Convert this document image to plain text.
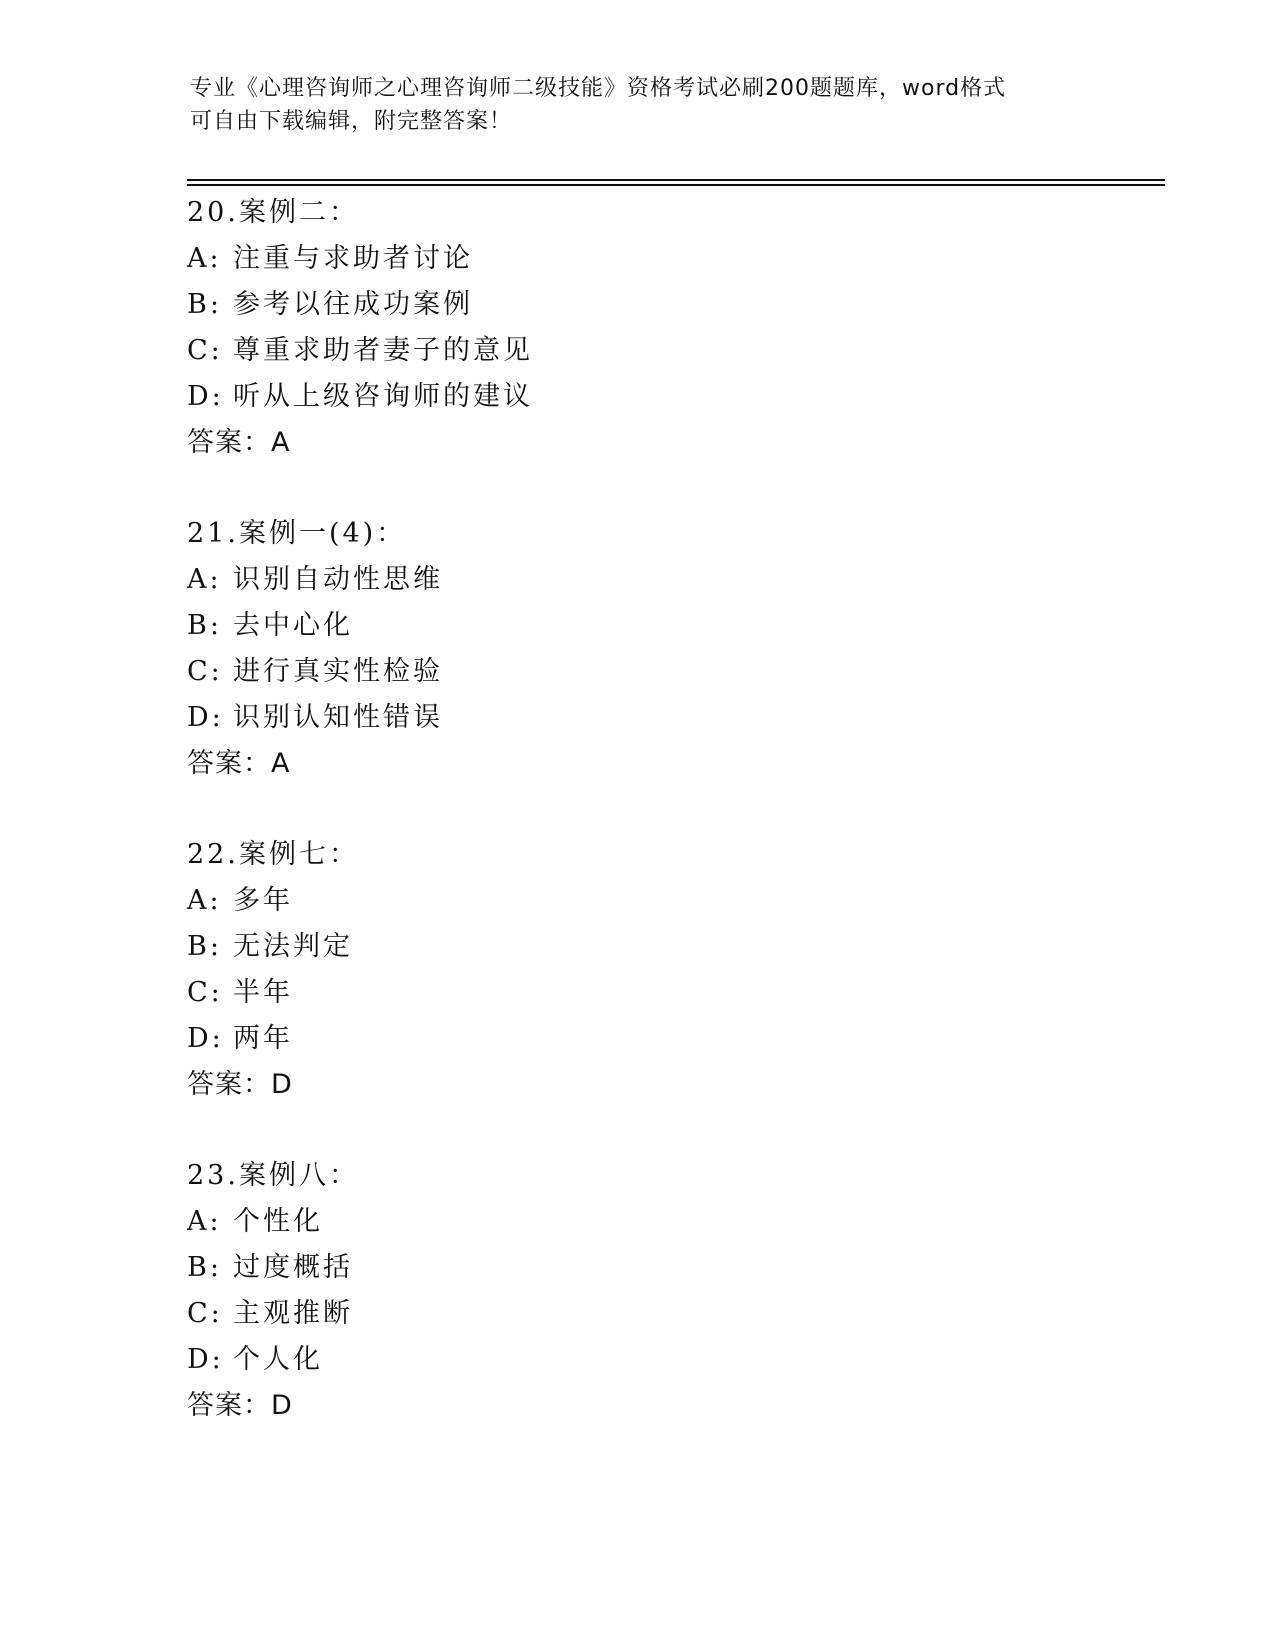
专业《心理咨询师之心理咨询师二级技能》资格考试必刷200题题库，word格式
可自由下载编辑，附完整答案！
20.案例二：
A: 注重与求助者讨论
B: 参考以往成功案例
C: 尊重求助者妻子的意见
D: 听从上级咨询师的建议
答案：A
21.案例一(4)：
A: 识别自动性思维
B: 去中心化
C: 进行真实性检验
D: 识别认知性错误
答案：A
22.案例七：
A: 多年
B: 无法判定
C: 半年
D: 两年
答案：D
23.案例八：
A: 个性化
B: 过度概括
C: 主观推断
D: 个人化
答案：D
